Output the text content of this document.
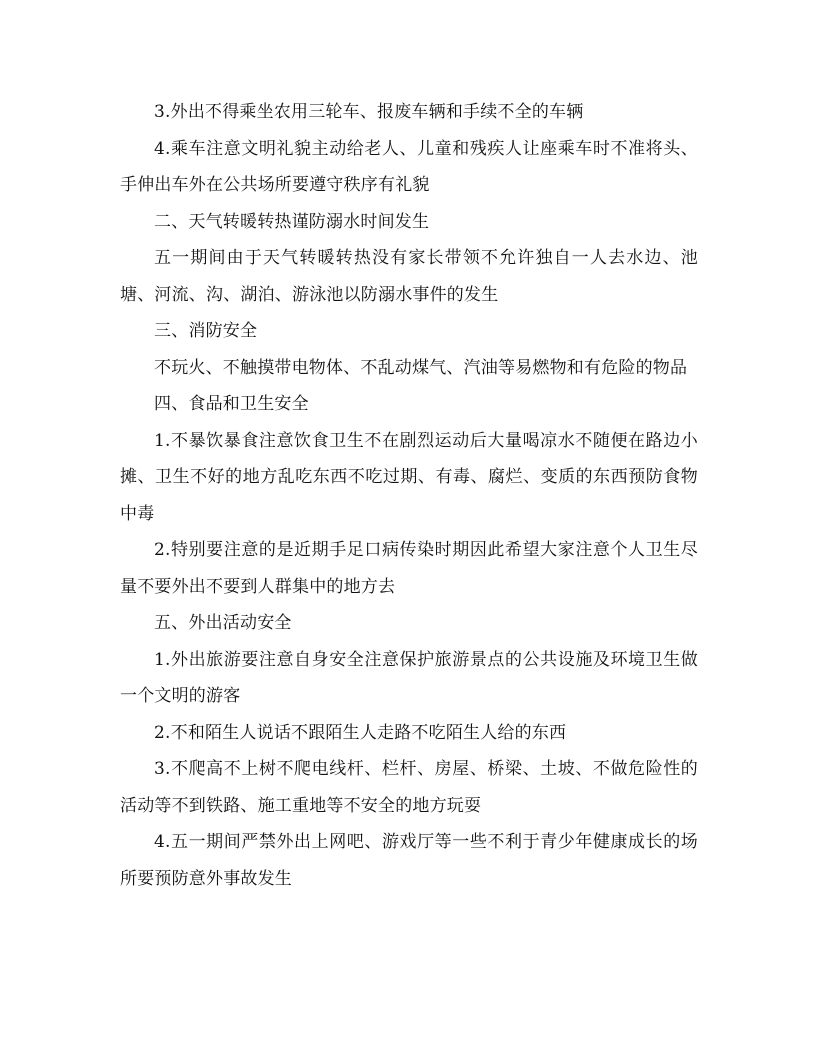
3.外出不得乘坐农用三轮车、报废车辆和手续不全的车辆

4.乘车注意文明礼貌主动给老人、儿童和残疾人让座乘车时不准将头、手伸出车外在公共场所要遵守秩序有礼貌

二、天气转暖转热谨防溺水时间发生

五一期间由于天气转暖转热没有家长带领不允许独自一人去水边、池塘、河流、沟、湖泊、游泳池以防溺水事件的发生

三、消防安全

不玩火、不触摸带电物体、不乱动煤气、汽油等易燃物和有危险的物品

四、食品和卫生安全

1.不暴饮暴食注意饮食卫生不在剧烈运动后大量喝凉水不随便在路边小摊、卫生不好的地方乱吃东西不吃过期、有毒、腐烂、变质的东西预防食物中毒

2.特别要注意的是近期手足口病传染时期因此希望大家注意个人卫生尽量不要外出不要到人群集中的地方去

五、外出活动安全

1.外出旅游要注意自身安全注意保护旅游景点的公共设施及环境卫生做一个文明的游客

2.不和陌生人说话不跟陌生人走路不吃陌生人给的东西

3.不爬高不上树不爬电线杆、栏杆、房屋、桥梁、土坡、不做危险性的活动等不到铁路、施工重地等不安全的地方玩耍

4.五一期间严禁外出上网吧、游戏厅等一些不利于青少年健康成长的场所要预防意外事故发生
